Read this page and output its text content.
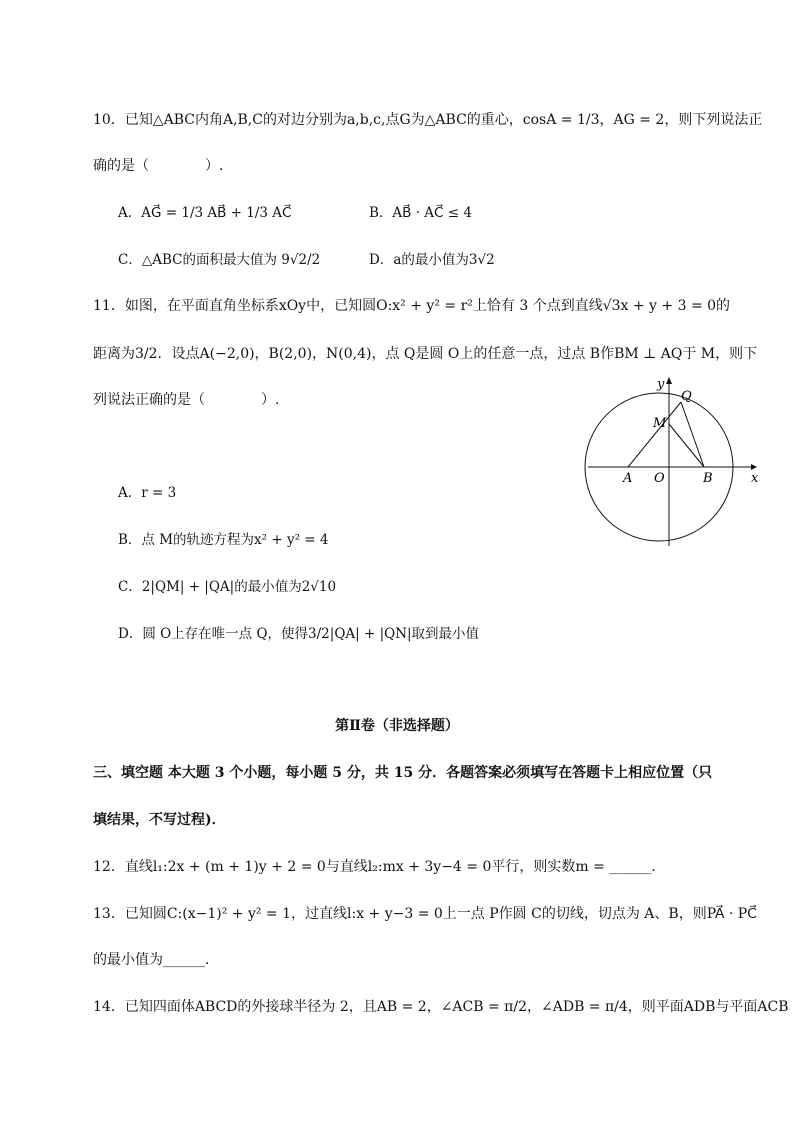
10．已知△ABC内角A,B,C的对边分别为a,b,c,点G为△ABC的重心，cosA = 1/3，AG = 2，则下列说法正
确的是（　　　　）.
A．AG⃗ = 1/3 AB⃗ + 1/3 AC⃗	B．AB⃗ · AC⃗ ≤ 4
C．△ABC的面积最大值为 9√2/2	D．a的最小值为3√2
11．如图，在平面直角坐标系xOy中，已知圆O:x² + y² = r²上恰有 3 个点到直线√3x + y + 3 = 0的
距离为3/2．设点A(−2,0)，B(2,0)，N(0,4)，点 Q是圆 O上的任意一点，过点 B作BM ⊥ AQ于 M，则下
列说法正确的是（　　　　）.
A．r = 3
B．点 M的轨迹方程为x² + y² = 4
C．2|QM| + |QA|的最小值为2√10
D．圆 O上存在唯一点 Q，使得3/2|QA| + |QN|取到最小值
x
y
O
A	B
M
Q
第Ⅱ卷（非选择题）
三、填空题 本大题 3 个小题，每小题 5 分，共 15 分．各题答案必须填写在答题卡上相应位置（只
填结果，不写过程)．
12．直线l₁:2x + (m + 1)y + 2 = 0与直线l₂:mx + 3y−4 = 0平行，则实数m = ______．
13．已知圆C:(x−1)² + y² = 1，过直线l:x + y−3 = 0上一点 P作圆 C的切线，切点为 A、B，则PA⃗ · PC⃗
的最小值为______．
14．已知四面体ABCD的外接球半径为 2，且AB = 2，∠ACB = π/2，∠ADB = π/4，则平面ADB与平面ACB
